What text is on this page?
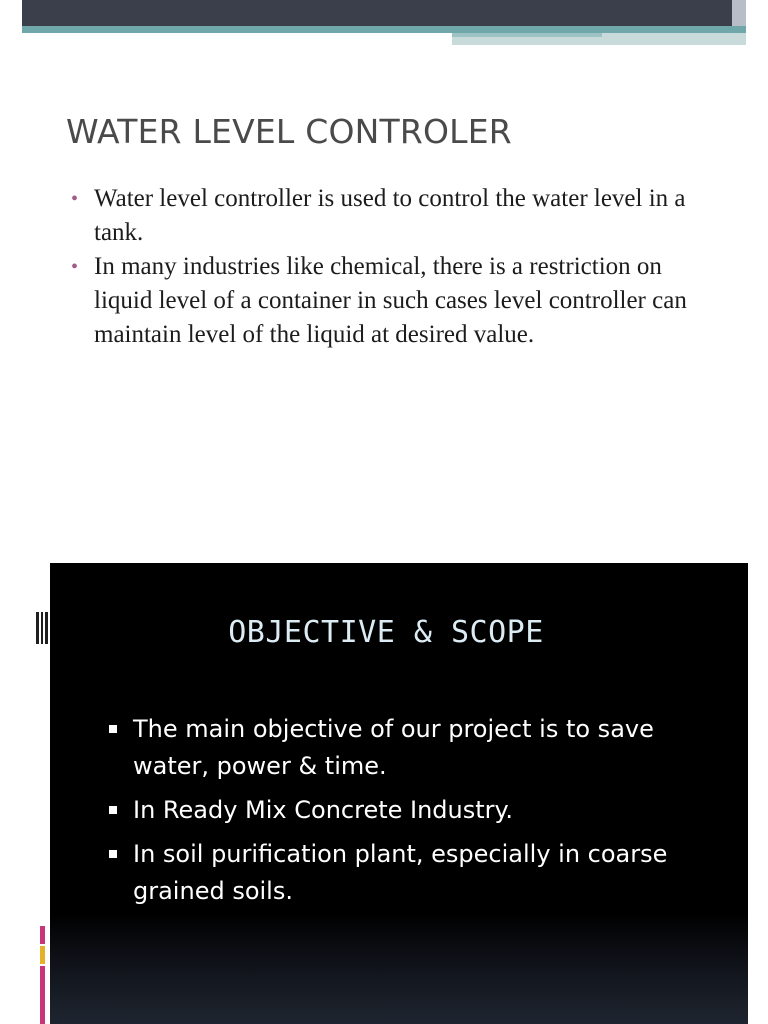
WATER LEVEL CONTROLER
• Water level controller is used to control the water level in a tank.
• In many industries like chemical, there is a restriction on liquid level of a container in such cases level controller can maintain level of the liquid at desired value.
OBJECTIVE & SCOPE
The main objective of our project is to save water, power & time.
In Ready Mix Concrete Industry.
In soil purification plant, especially in coarse grained soils.
